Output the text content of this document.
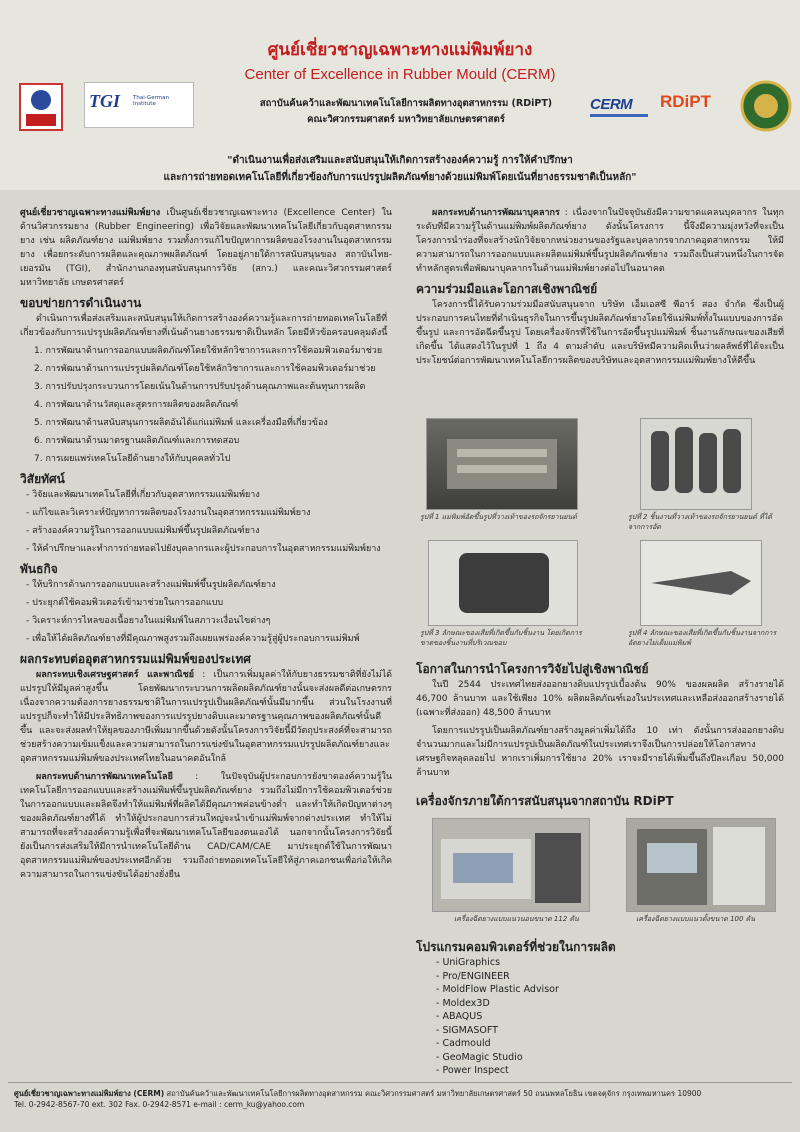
ศูนย์เชี่ยวชาญเฉพาะทางแม่พิมพ์ยาง
Center of Excellence in Rubber Mould (CERM)
TGI Thai-German Institute	สถาบันค้นคว้าและพัฒนาเทคโนโลยีการผลิตทางอุตสาหกรรม (RDiPT)
คณะวิศวกรรมศาสตร์ มหาวิทยาลัยเกษตรศาสตร์
CERM	RDiPT
"ดำเนินงานเพื่อส่งเสริมและสนับสนุนให้เกิดการสร้างองค์ความรู้ การให้คำปรึกษา
และการถ่ายทอดเทคโนโลยีที่เกี่ยวข้องกับการแปรรูปผลิตภัณฑ์ยางด้วยแม่พิมพ์โดยเน้นที่ยางธรรมชาติเป็นหลัก"

ศูนย์เชี่ยวชาญเฉพาะทางแม่พิมพ์ยาง เป็นศูนย์เชี่ยวชาญเฉพาะทาง (Excellence Center) ในด้านวิศวกรรมยาง (Rubber Engineering) เพื่อวิจัยและพัฒนาเทคโนโลยีเกี่ยวกับอุตสาหกรรมยาง เช่น ผลิตภัณฑ์ยาง แม่พิมพ์ยาง รวมทั้งการแก้ไขปัญหาการผลิตของโรงงานในอุตสาหกรรมยาง เพื่อยกระดับการผลิตและคุณภาพผลิตภัณฑ์ โดยอยู่ภายใต้การสนับสนุนของ สถาบันไทย-เยอรมัน (TGI), สำนักงานกองทุนสนับสนุนการวิจัย (สกว.) และคณะวิศวกรรมศาสตร์ มหาวิทยาลัย เกษตรศาสตร์

ขอบข่ายการดำเนินงาน

ดำเนินการเพื่อส่งเสริมและสนับสนุนให้เกิดการสร้างองค์ความรู้และการถ่ายทอดเทคโนโลยีที่เกี่ยวข้องกับการแปรรูปผลิตภัณฑ์ยางที่เน้นด้านยางธรรมชาติเป็นหลัก โดยมีหัวข้อครอบคลุมดังนี้

1. การพัฒนาด้านการออกแบบผลิตภัณฑ์โดยใช้หลักวิชาการและการใช้คอมพิวเตอร์มาช่วย

2. การพัฒนาด้านการแปรรูปผลิตภัณฑ์โดยใช้หลักวิชาการและการใช้คอมพิวเตอร์มาช่วย

3. การปรับปรุงกระบวนการโดยเน้นในด้านการปรับปรุงด้านคุณภาพและต้นทุนการผลิต

4. การพัฒนาด้านวัสดุและสูตรการผลิตของผลิตภัณฑ์

5. การพัฒนาด้านสนับสนุนการผลิตอันได้แก่แม่พิมพ์ และเครื่องมือที่เกี่ยวข้อง

6. การพัฒนาด้านมาตรฐานผลิตภัณฑ์และการทดสอบ

7. การเผยแพร่เทคโนโลยีด้านยางให้กับบุคคลทั่วไป

วิสัยทัศน์

- วิจัยและพัฒนาเทคโนโลยีที่เกี่ยวกับอุตสาหกรรมแม่พิมพ์ยาง

- แก้ไขและวิเคราะห์ปัญหาการผลิตของโรงงานในอุตสาหกรรมแม่พิมพ์ยาง

- สร้างองค์ความรู้ในการออกแบบแม่พิมพ์ขึ้นรูปผลิตภัณฑ์ยาง

- ให้คำปรึกษาและทำการถ่ายทอดไปยังบุคลากรและผู้ประกอบการในอุตสาหกรรมแม่พิมพ์ยาง

พันธกิจ

- ให้บริการด้านการออกแบบและสร้างแม่พิมพ์ขึ้นรูปผลิตภัณฑ์ยาง

- ประยุกต์ใช้คอมพิวเตอร์เข้ามาช่วยในการออกแบบ

- วิเคราะห์การไหลของเนื้อยางในแม่พิมพ์ในสภาวะเงื่อนไขต่างๆ

- เพื่อให้ได้ผลิตภัณฑ์ยางที่มีคุณภาพสูงรวมถึงเผยแพร่องค์ความรู้สู่ผู้ประกอบการแม่พิมพ์

ผลกระทบต่ออุตสาหกรรมแม่พิมพ์ของประเทศ

ผลกระทบเชิงเศรษฐศาสตร์ และพาณิชย์ : เป็นการเพิ่มมูลค่าให้กับยางธรรมชาติที่ยังไม่ได้แปรรูปให้มีมูลค่าสูงขึ้น โดยพัฒนากระบวนการผลิตผลิตภัณฑ์ยางนั้นจะส่งผลดีต่อเกษตรกรเนื่องจากความต้องการยางธรรมชาติในการแปรรูปเป็นผลิตภัณฑ์นั้นมีมากขึ้น ส่วนในโรงงานที่แปรรูปก็จะทำให้มีประสิทธิภาพของการแปรรูปยางดิบและมาตรฐานคุณภาพของผลิตภัณฑ์นั้นดีขึ้น และจะส่งผลทำให้ยุลของภาษีเพิ่มมากขึ้นด้วยดังนั้นโครงการวิจัยนี้มีวัตถุประสงค์ที่จะสามารถช่วยสร้างความเข้มแข็งและความสามารถในการแข่งขันในอุตสาหกรรมแปรรูปผลิตภัณฑ์ยางและอุตสาหกรรมแม่พิมพ์ของประเทศไทยในอนาคตอันใกล้

ผลกระทบด้านการพัฒนาเทคโนโลยี : ในปัจจุบันผู้ประกอบการยังขาดองค์ความรู้ในเทคโนโลยีการออกแบบและสร้างแม่พิมพ์ขึ้นรูปผลิตภัณฑ์ยาง รวมถึงไม่มีการใช้คอมพิวเตอร์ช่วยในการออกแบบและผลิตจึงทำให้แม่พิมพ์ที่ผลิตได้มีคุณภาพค่อนข้างต่ำ และทำให้เกิดปัญหาต่างๆ ของผลิตภัณฑ์ยางที่ได้ ทำให้ผู้ประกอบการส่วนใหญ่จะนำเข้าแม่พิมพ์จากต่างประเทศ ทำให้ไม่สามารถที่จะสร้างองค์ความรู้เพื่อที่จะพัฒนาเทคโนโลยีของตนเองได้ นอกจากนั้นโครงการวิจัยนี้ยังเป็นการส่งเสริมให้มีการนำเทคโนโลยีด้าน CAD/CAM/CAE มาประยุกต์ใช้ในการพัฒนาอุตสาหกรรมแม่พิมพ์ของประเทศอีกด้วย รวมถึงถ่ายทอดเทคโนโลยีให้สู่ภาคเอกชนเพื่อก่อให้เกิดความสามารถในการแข่งขันได้อย่างยั่งยืน

ผลกระทบด้านการพัฒนาบุคลากร : เนื่องจากในปัจจุบันยังมีความขาดแคลนบุคลากร ในทุกระดับที่มีความรู้ในด้านแม่พิมพ์ผลิตภัณฑ์ยาง ดังนั้นโครงการ นี้จึงมีความมุ่งหวังที่จะเป็นโครงการนำร่องที่จะสร้างนักวิจัยจากหน่วยงานของรัฐและบุคลากรจากภาคอุตสาหกรรม ให้มีความสามารถในการออกแบบและผลิตแม่พิมพ์ขึ้นรูปผลิตภัณฑ์ยาง รวมถึงเป็นส่วนหนึ่งในการจัดทำหลักสูตรเพื่อพัฒนาบุคลากรในด้านแม่พิมพ์ยางต่อไปในอนาคต

ความร่วมมือและโอกาสเชิงพาณิชย์

โครงการนี้ได้รับความร่วมมือสนับสนุนจาก บริษัท เอ็มเอสซี พีอาร์ สอง จำกัด ซึ่งเป็นผู้ประกอบการคนไทยที่ดำเนินธุรกิจในการขึ้นรูปผลิตภัณฑ์ยางโดยใช้แม่พิมพ์ทั้งในแบบของการอัดขึ้นรูป และการอัดฉีดขึ้นรูป โดยเครื่องจักรที่ใช้ในการอัดขึ้นรูปแม่พิมพ์ ชิ้นงานลักษณะของเสียที่เกิดขึ้น ได้แสดงไว้ในรูปที่ 1 ถึง 4 ตามลำดับ และบริษัทมีความคิดเห็นว่าผลลัพธ์ที่ได้จะเป็นประโยชน์ต่อการพัฒนาเทคโนโลยีการผลิตของบริษัทและอุตสาหกรรมแม่พิมพ์ยางให้ดีขึ้น

รูปที่ 1 แม่พิมพ์อัดขึ้นรูปที่วางเท้าของรถจักรยานยนต์	รูปที่ 2 ชิ้นงานที่วางเท้าของรถจักรยานยนต์ ที่ได้จากการอัด
รูปที่ 3 ลักษณะของเสียที่เกิดขึ้นกับชิ้นงาน โดยเกิดการขาดของชิ้นงานที่บริเวณขอบ
รูปที่ 4 ลักษณะของเสียที่เกิดขึ้นกับชิ้นงานจากการอัดยางไม่เต็มแม่พิมพ์
โอกาสในการนำโครงการวิจัยไปสู่เชิงพาณิชย์

ในปี 2544 ประเทศไทยส่งออกยางดิบแปรรูปเบื้องต้น 90% ของผลผลิต สร้างรายได้ 46,700 ล้านบาท และใช้เพียง 10% ผลิตผลิตภัณฑ์เองในประเทศและเหลือส่งออกสร้างรายได้ (เฉพาะที่ส่งออก) 48,500 ล้านบาท

โดยการแปรรูปเป็นผลิตภัณฑ์ยางสร้างมูลค่าเพิ่มได้ถึง 10 เท่า ดังนั้นการส่งออกยางดิบจำนวนมากและไม่มีการแปรรูปเป็นผลิตภัณฑ์ในประเทศเราจึงเป็นการปล่อยให้โอกาสทางเศรษฐกิจหลุดลอยไป หากเราเพิ่มการใช้ยาง 20% เราจะมีรายได้เพิ่มขึ้นถึงปีละเกือบ 50,000 ล้านบาท

เครื่องจักรภายใต้การสนับสนุนจากสถาบัน RDiPT
เครื่องฉีดยางแบบแนวนอนขนาด 112 ตัน	เครื่องฉีดยางแบบแนวตั้งขนาด 100 ตัน
โปรแกรมคอมพิวเตอร์ที่ช่วยในการผลิต
- UniGraphics
- Pro/ENGINEER
- MoldFlow Plastic Advisor
- Moldex3D
- ABAQUS
- SIGMASOFT
- Cadmould
- GeoMagic Studio
- Power Inspect
ศูนย์เชี่ยวชาญเฉพาะทางแม่พิมพ์ยาง (CERM) สถาบันค้นคว้าและพัฒนาเทคโนโลยีการผลิตทางอุตสาหกรรม คณะวิศวกรรมศาสตร์ มหาวิทยาลัยเกษตรศาสตร์ 50 ถนนพหลโยธิน เขตจตุจักร กรุงเทพมหานคร 10900
Tel. 0-2942-8567-70 ext. 302 Fax. 0-2942-8571 e-mail : cerm_ku@yahoo.com
